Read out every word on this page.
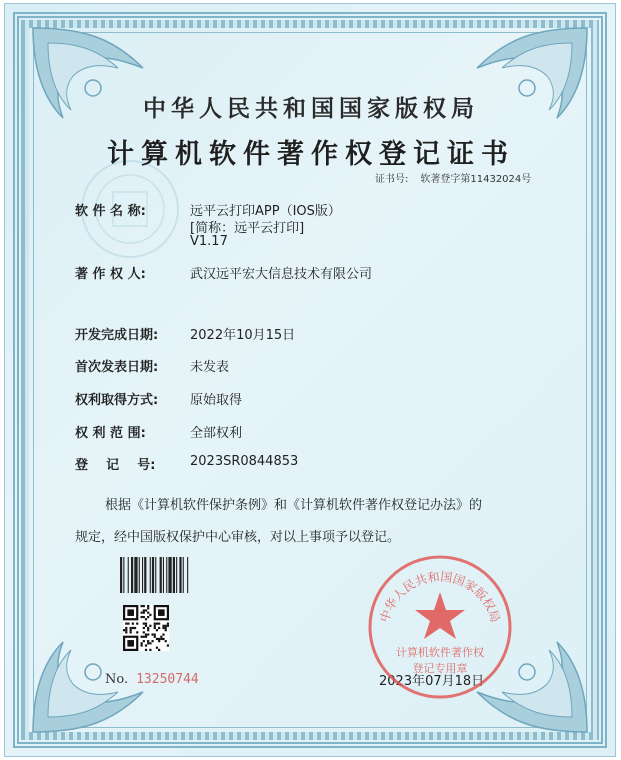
中华人民共和国国家版权局
计算机软件著作权登记证书
证书号: 软著登字第11432024号
软 件 名 称:	远平云打印APP（IOS版）
[简称：远平云打印]
V1.17
著 作 权 人:	武汉远平宏大信息技术有限公司
开发完成日期:	2022年10月15日
首次发表日期:	未发表
权利取得方式:	原始取得
权 利 范 围:	全部权利
登    记    号:	2023SR0844853
根据《计算机软件保护条例》和《计算机软件著作权登记办法》的
规定，经中国版权保护中心审核，对以上事项予以登记。
No. 13250744	2023年07月18日
中华人民共和国国家版权局
计算机软件著作权
登记专用章
